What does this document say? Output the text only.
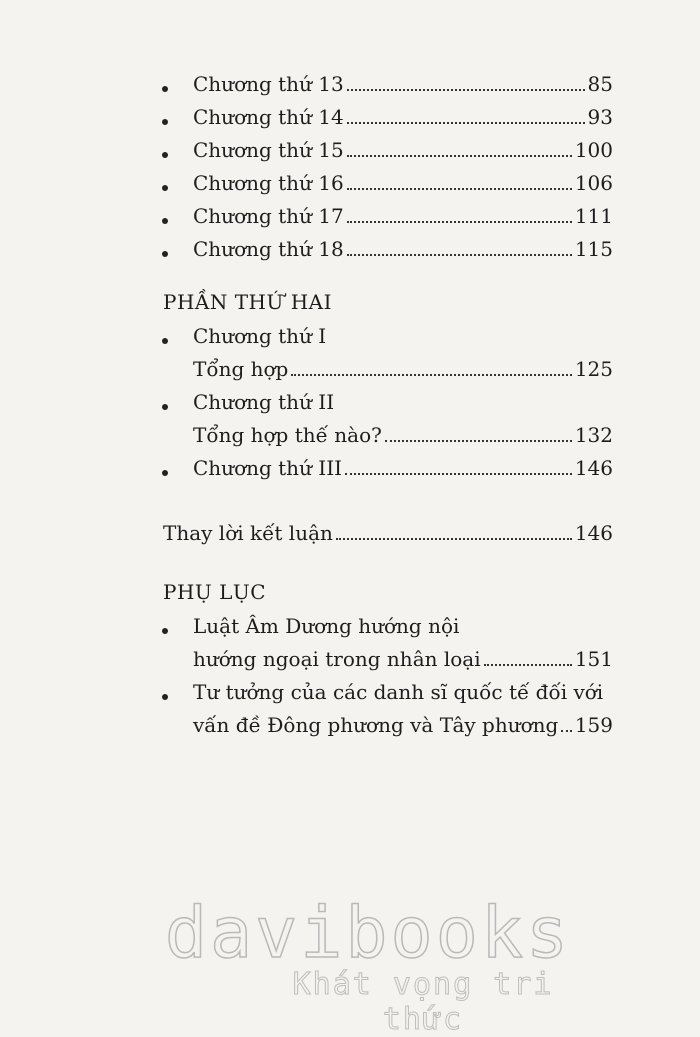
Chương thứ 13	85
Chương thứ 14	93
Chương thứ 15	100
Chương thứ 16	106
Chương thứ 17	111
Chương thứ 18	115
PHẦN THỨ HAI
Chương thứ I
Tổng hợp	125
Chương thứ II
Tổng hợp thế nào?	132
Chương thứ III	146
Thay lời kết luận	146
PHỤ LỤC
Luật Âm Dương hướng nội
hướng ngoại trong nhân loại	151
Tư tưởng của các danh sĩ quốc tế đối với
vấn đề Đông phương và Tây phương 159
davibooks
Khát vọng tri thức
